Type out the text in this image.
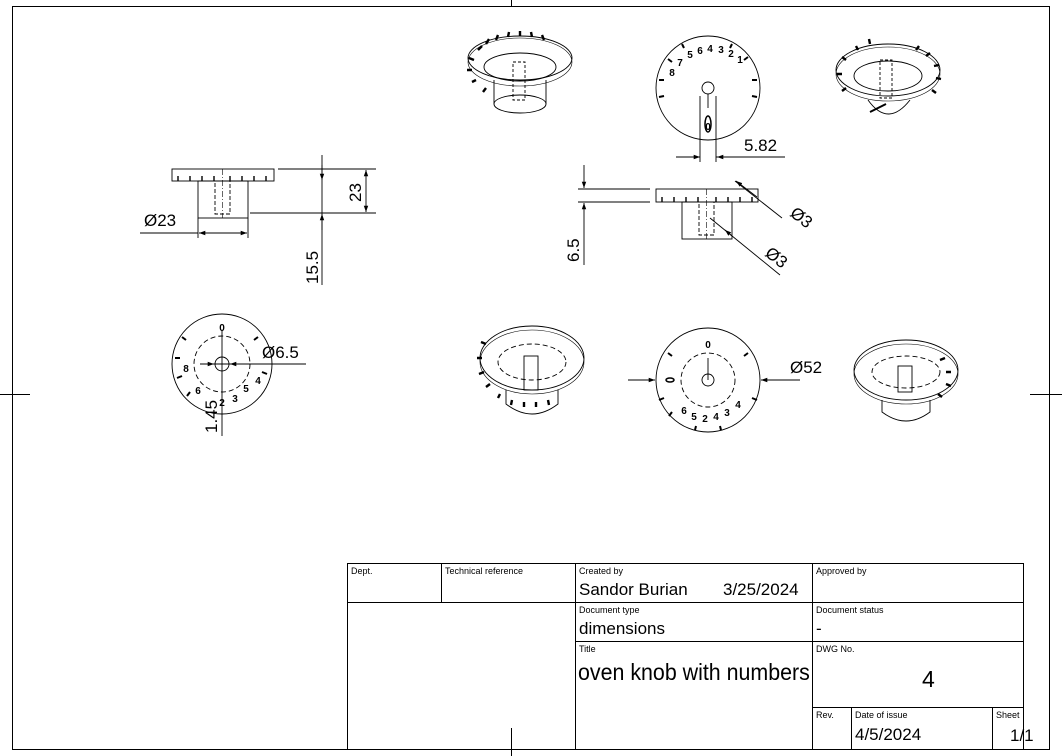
5 6 4 3 2
1
7
8
0
Ø23
23
15.5
5.82
6.5
Ø3
Ø3
0
4
5
3
2
6
8
Ø6.5
1.45
0
6
5 2 4 3
4
Ø52
Dept.	Technical reference	Created by
Sandor Burian 3/25/2024
Approved by
Document type
dimensions
Document status
-
Title
oven knob with numbers
DWG No.
4
Rev. Date of issue
4/5/2024
Sheet
1/1
